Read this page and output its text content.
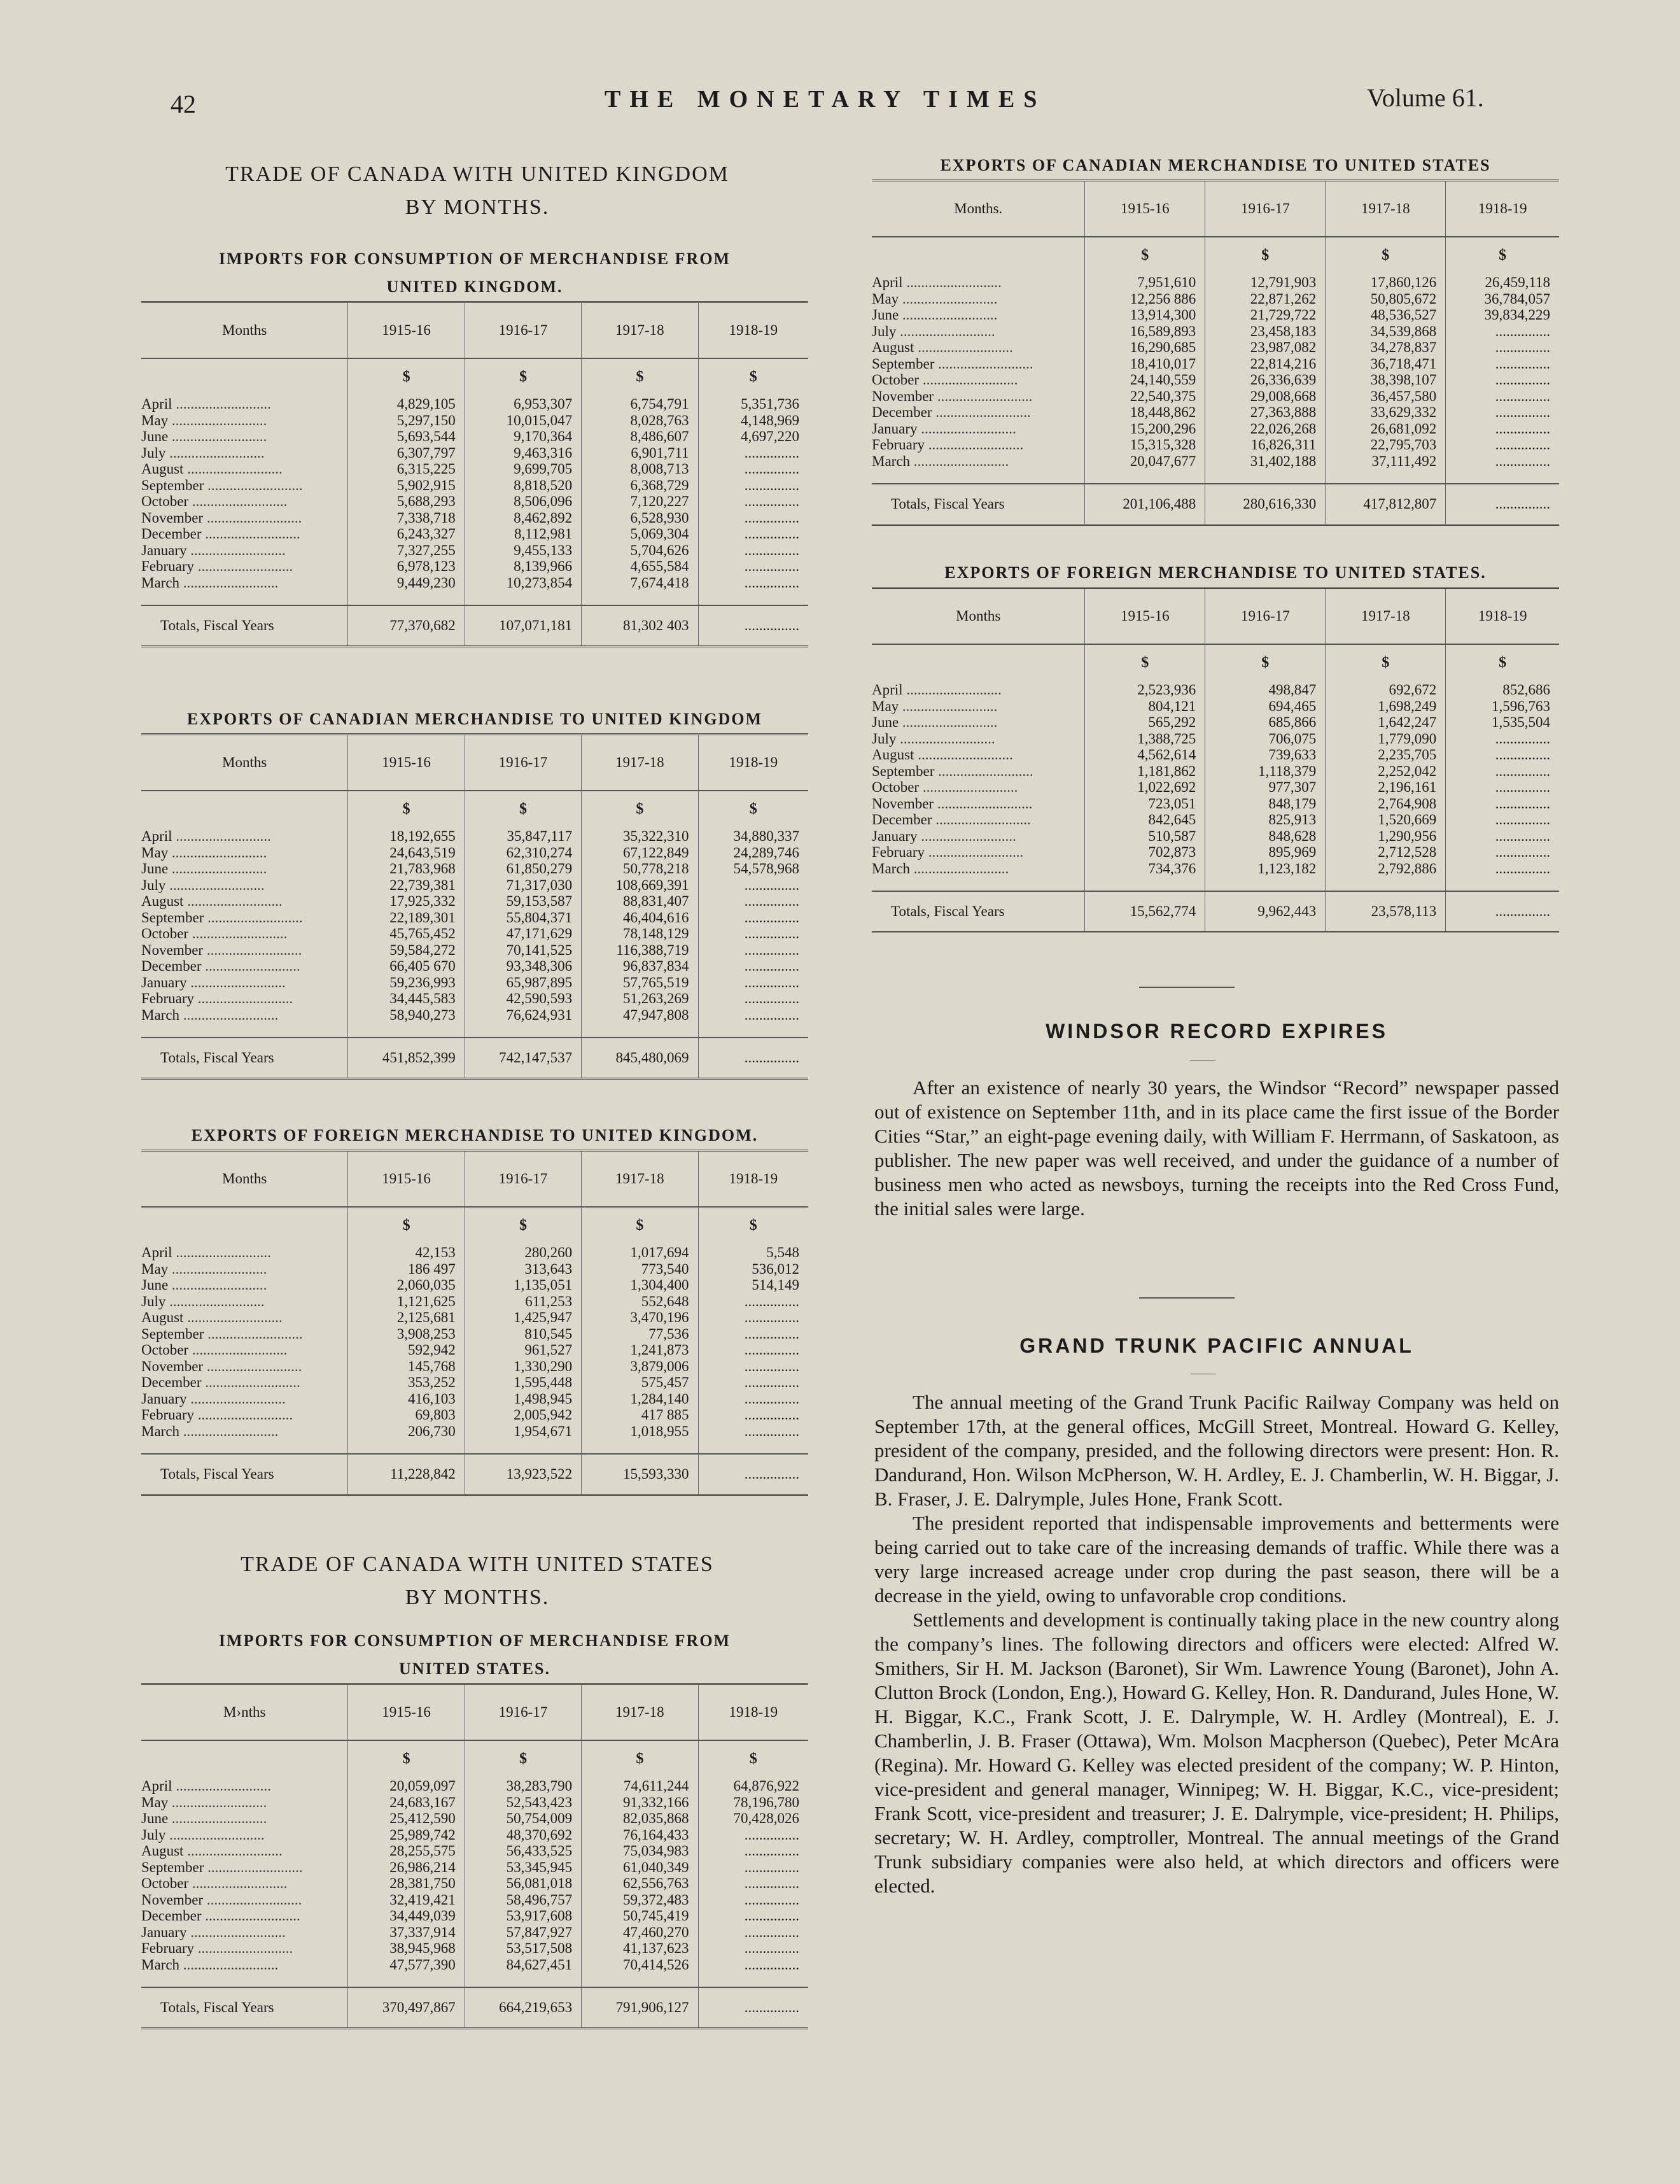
42	THE MONETARY TIMES	Volume 61.
TRADE OF CANADA WITH UNITED KINGDOM
BY MONTHS.
IMPORTS FOR CONSUMPTION OF MERCHANDISE FROM
UNITED KINGDOM.
Months	1915-16	1916-17	1917-18	1918-19
	$	$	$	$
April ..........................	4,829,105	6,953,307	6,754,791	5,351,736
May ..........................	5,297,150	10,015,047	8,028,763	4,148,969
June ..........................	5,693,544	9,170,364	8,486,607	4,697,220
July ..........................	6,307,797	9,463,316	6,901,711	...............
August ..........................	6,315,225	9,699,705	8,008,713	...............
September ..........................	5,902,915	8,818,520	6,368,729	...............
October ..........................	5,688,293	8,506,096	7,120,227	...............
November ..........................	7,338,718	8,462,892	6,528,930	...............
December ..........................	6,243,327	8,112,981	5,069,304	...............
January ..........................	7,327,255	9,455,133	5,704,626	...............
February ..........................	6,978,123	8,139,966	4,655,584	...............
March ..........................	9,449,230	10,273,854	7,674,418	...............

Totals, Fiscal Years	77,370,682	107,071,181	81,302 403	...............
EXPORTS OF CANADIAN MERCHANDISE TO UNITED KINGDOM
Months	1915-16	1916-17	1917-18	1918-19
	$	$	$	$
April ..........................	18,192,655	35,847,117	35,322,310	34,880,337
May ..........................	24,643,519	62,310,274	67,122,849	24,289,746
June ..........................	21,783,968	61,850,279	50,778,218	54,578,968
July ..........................	22,739,381	71,317,030	108,669,391	...............
August ..........................	17,925,332	59,153,587	88,831,407	...............
September ..........................	22,189,301	55,804,371	46,404,616	...............
October ..........................	45,765,452	47,171,629	78,148,129	...............
November ..........................	59,584,272	70,141,525	116,388,719	...............
December ..........................	66,405 670	93,348,306	96,837,834	...............
January ..........................	59,236,993	65,987,895	57,765,519	...............
February ..........................	34,445,583	42,590,593	51,263,269	...............
March ..........................	58,940,273	76,624,931	47,947,808	...............

Totals, Fiscal Years	451,852,399	742,147,537	845,480,069	...............
EXPORTS OF FOREIGN MERCHANDISE TO UNITED KINGDOM.
Months	1915-16	1916-17	1917-18	1918-19
	$	$	$	$
April ..........................	42,153	280,260	1,017,694	5,548
May ..........................	186 497	313,643	773,540	536,012
June ..........................	2,060,035	1,135,051	1,304,400	514,149
July ..........................	1,121,625	611,253	552,648	...............
August ..........................	2,125,681	1,425,947	3,470,196	...............
September ..........................	3,908,253	810,545	77,536	...............
October ..........................	592,942	961,527	1,241,873	...............
November ..........................	145,768	1,330,290	3,879,006	...............
December ..........................	353,252	1,595,448	575,457	...............
January ..........................	416,103	1,498,945	1,284,140	...............
February ..........................	69,803	2,005,942	417 885	...............
March ..........................	206,730	1,954,671	1,018,955	...............

Totals, Fiscal Years	11,228,842	13,923,522	15,593,330	...............
TRADE OF CANADA WITH UNITED STATES
BY MONTHS.
IMPORTS FOR CONSUMPTION OF MERCHANDISE FROM
UNITED STATES.
M›nths	1915-16	1916-17	1917-18	1918-19
	$	$	$	$
April ..........................	20,059,097	38,283,790	74,611,244	64,876,922
May ..........................	24,683,167	52,543,423	91,332,166	78,196,780
June ..........................	25,412,590	50,754,009	82,035,868	70,428,026
July ..........................	25,989,742	48,370,692	76,164,433	...............
August ..........................	28,255,575	56,433,525	75,034,983	...............
September ..........................	26,986,214	53,345,945	61,040,349	...............
October ..........................	28,381,750	56,081,018	62,556,763	...............
November ..........................	32,419,421	58,496,757	59,372,483	...............
December ..........................	34,449,039	53,917,608	50,745,419	...............
January ..........................	37,337,914	57,847,927	47,460,270	...............
February ..........................	38,945,968	53,517,508	41,137,623	...............
March ..........................	47,577,390	84,627,451	70,414,526	...............

Totals, Fiscal Years	370,497,867	664,219,653	791,906,127	...............
EXPORTS OF CANADIAN MERCHANDISE TO UNITED STATES
Months.	1915-16	1916-17	1917-18	1918-19
	$	$	$	$
April ..........................	7,951,610	12,791,903	17,860,126	26,459,118
May ..........................	12,256 886	22,871,262	50,805,672	36,784,057
June ..........................	13,914,300	21,729,722	48,536,527	39,834,229
July ..........................	16,589,893	23,458,183	34,539,868	...............
August ..........................	16,290,685	23,987,082	34,278,837	...............
September ..........................	18,410,017	22,814,216	36,718,471	...............
October ..........................	24,140,559	26,336,639	38,398,107	...............
November ..........................	22,540,375	29,008,668	36,457,580	...............
December ..........................	18,448,862	27,363,888	33,629,332	...............
January ..........................	15,200,296	22,026,268	26,681,092	...............
February ..........................	15,315,328	16,826,311	22,795,703	...............
March ..........................	20,047,677	31,402,188	37,111,492	...............

Totals, Fiscal Years	201,106,488	280,616,330	417,812,807	...............
EXPORTS OF FOREIGN MERCHANDISE TO UNITED STATES.
Months	1915-16	1916-17	1917-18	1918-19
	$	$	$	$
April ..........................	2,523,936	498,847	692,672	852,686
May ..........................	804,121	694,465	1,698,249	1,596,763
June ..........................	565,292	685,866	1,642,247	1,535,504
July ..........................	1,388,725	706,075	1,779,090	...............
August ..........................	4,562,614	739,633	2,235,705	...............
September ..........................	1,181,862	1,118,379	2,252,042	...............
October ..........................	1,022,692	977,307	2,196,161	...............
November ..........................	723,051	848,179	2,764,908	...............
December ..........................	842,645	825,913	1,520,669	...............
January ..........................	510,587	848,628	1,290,956	...............
February ..........................	702,873	895,969	2,712,528	...............
March ..........................	734,376	1,123,182	2,792,886	...............

Totals, Fiscal Years	15,562,774	9,962,443	23,578,113	...............
WINDSOR RECORD EXPIRES

After an existence of nearly 30 years, the Windsor “Record” newspaper passed out of existence on September 11th, and in its place came the first issue of the Border Cities “Star,” an eight-page evening daily, with William F. Herrmann, of Saskatoon, as publisher. The new paper was well received, and under the guidance of a number of business men who acted as newsboys, turning the receipts into the Red Cross Fund, the initial sales were large.

GRAND TRUNK PACIFIC ANNUAL

The annual meeting of the Grand Trunk Pacific Railway Company was held on September 17th, at the general offices, McGill Street, Montreal. Howard G. Kelley, president of the company, presided, and the following directors were present: Hon. R. Dandurand, Hon. Wilson McPherson, W. H. Ardley, E. J. Chamberlin, W. H. Biggar, J. B. Fraser, J. E. Dalrymple, Jules Hone, Frank Scott.

The president reported that indispensable improvements and betterments were being carried out to take care of the increasing demands of traffic. While there was a very large increased acreage under crop during the past season, there will be a decrease in the yield, owing to unfavorable crop conditions.

Settlements and development is continually taking place in the new country along the company’s lines. The following directors and officers were elected: Alfred W. Smithers, Sir H. M. Jackson (Baronet), Sir Wm. Lawrence Young (Baronet), John A. Clutton Brock (London, Eng.), Howard G. Kelley, Hon. R. Dandurand, Jules Hone, W. H. Biggar, K.C., Frank Scott, J. E. Dalrymple, W. H. Ardley (Montreal), E. J. Chamberlin, J. B. Fraser (Ottawa), Wm. Molson Macpherson (Quebec), Peter McAra (Regina). Mr. Howard G. Kelley was elected president of the company; W. P. Hinton, vice-president and general manager, Winnipeg; W. H. Biggar, K.C., vice-president; Frank Scott, vice-president and treasurer; J. E. Dalrymple, vice-president; H. Philips, secretary; W. H. Ardley, comptroller, Montreal. The annual meetings of the Grand Trunk subsidiary companies were also held, at which directors and officers were elected.
